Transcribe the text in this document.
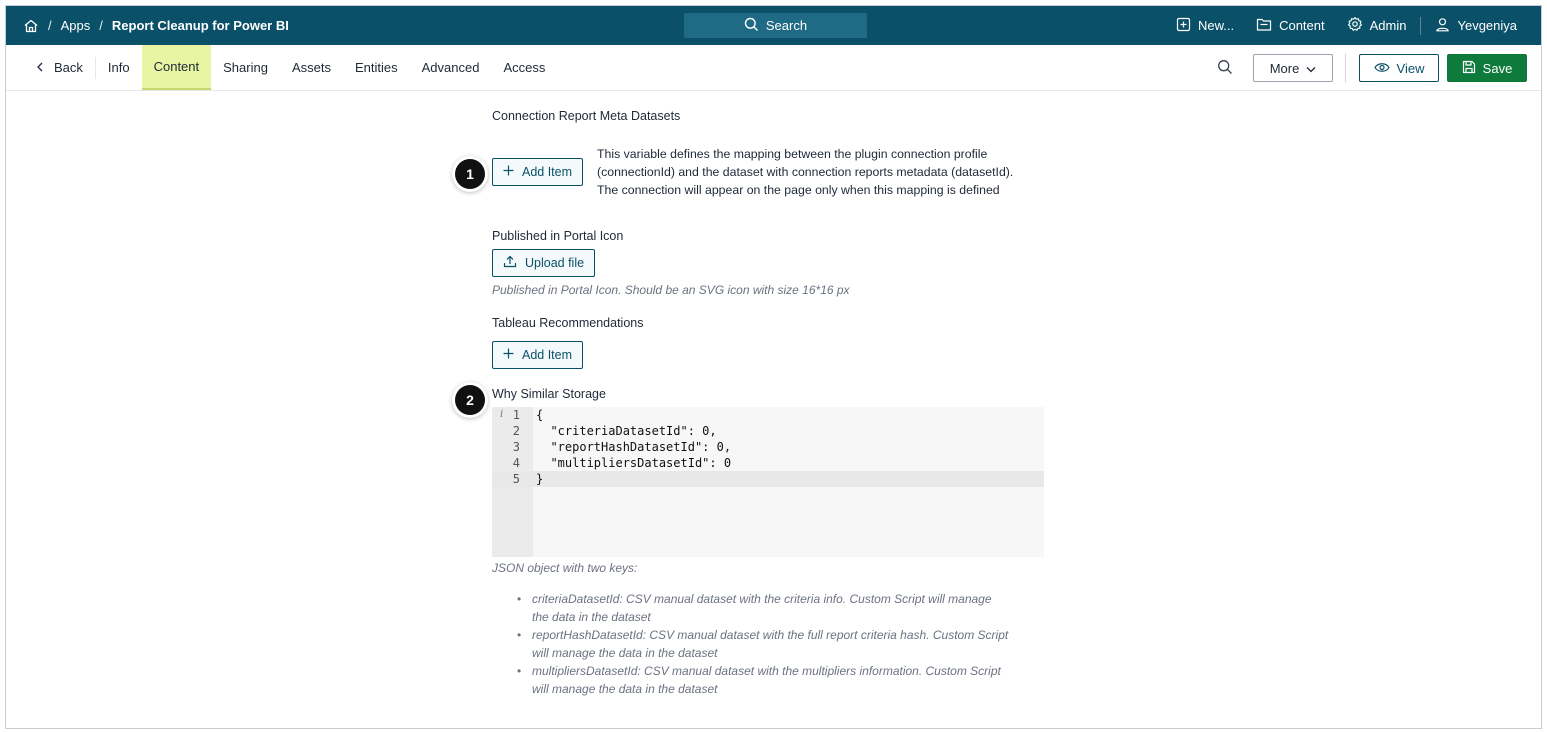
/ Apps / Report Cleanup for Power BI	Search	New...	Content	Admin	Yevgeniya
Back	Info	Content	Sharing	Assets	Entities	Advanced	Access	More	View	Save
Connection Report Meta Datasets
1	Add Item
This variable defines the mapping between the plugin connection profile
(connectionId) and the dataset with connection reports metadata (datasetId).
The connection will appear on the page only when this mapping is defined
Published in Portal Icon
Upload file
Published in Portal Icon. Should be an SVG icon with size 16*16 px
Tableau Recommendations
Add Item
2	Why Similar Storage
i 1 {
2 "criteriaDatasetId": 0,
3 "reportHashDatasetId": 0,
4 "multipliersDatasetId": 0
5 }
JSON object with two keys:
• criteriaDatasetId: CSV manual dataset with the criteria info. Custom Script will manage
the data in the dataset
• reportHashDatasetId: CSV manual dataset with the full report criteria hash. Custom Script
will manage the data in the dataset
• multipliersDatasetId: CSV manual dataset with the multipliers information. Custom Script
will manage the data in the dataset
